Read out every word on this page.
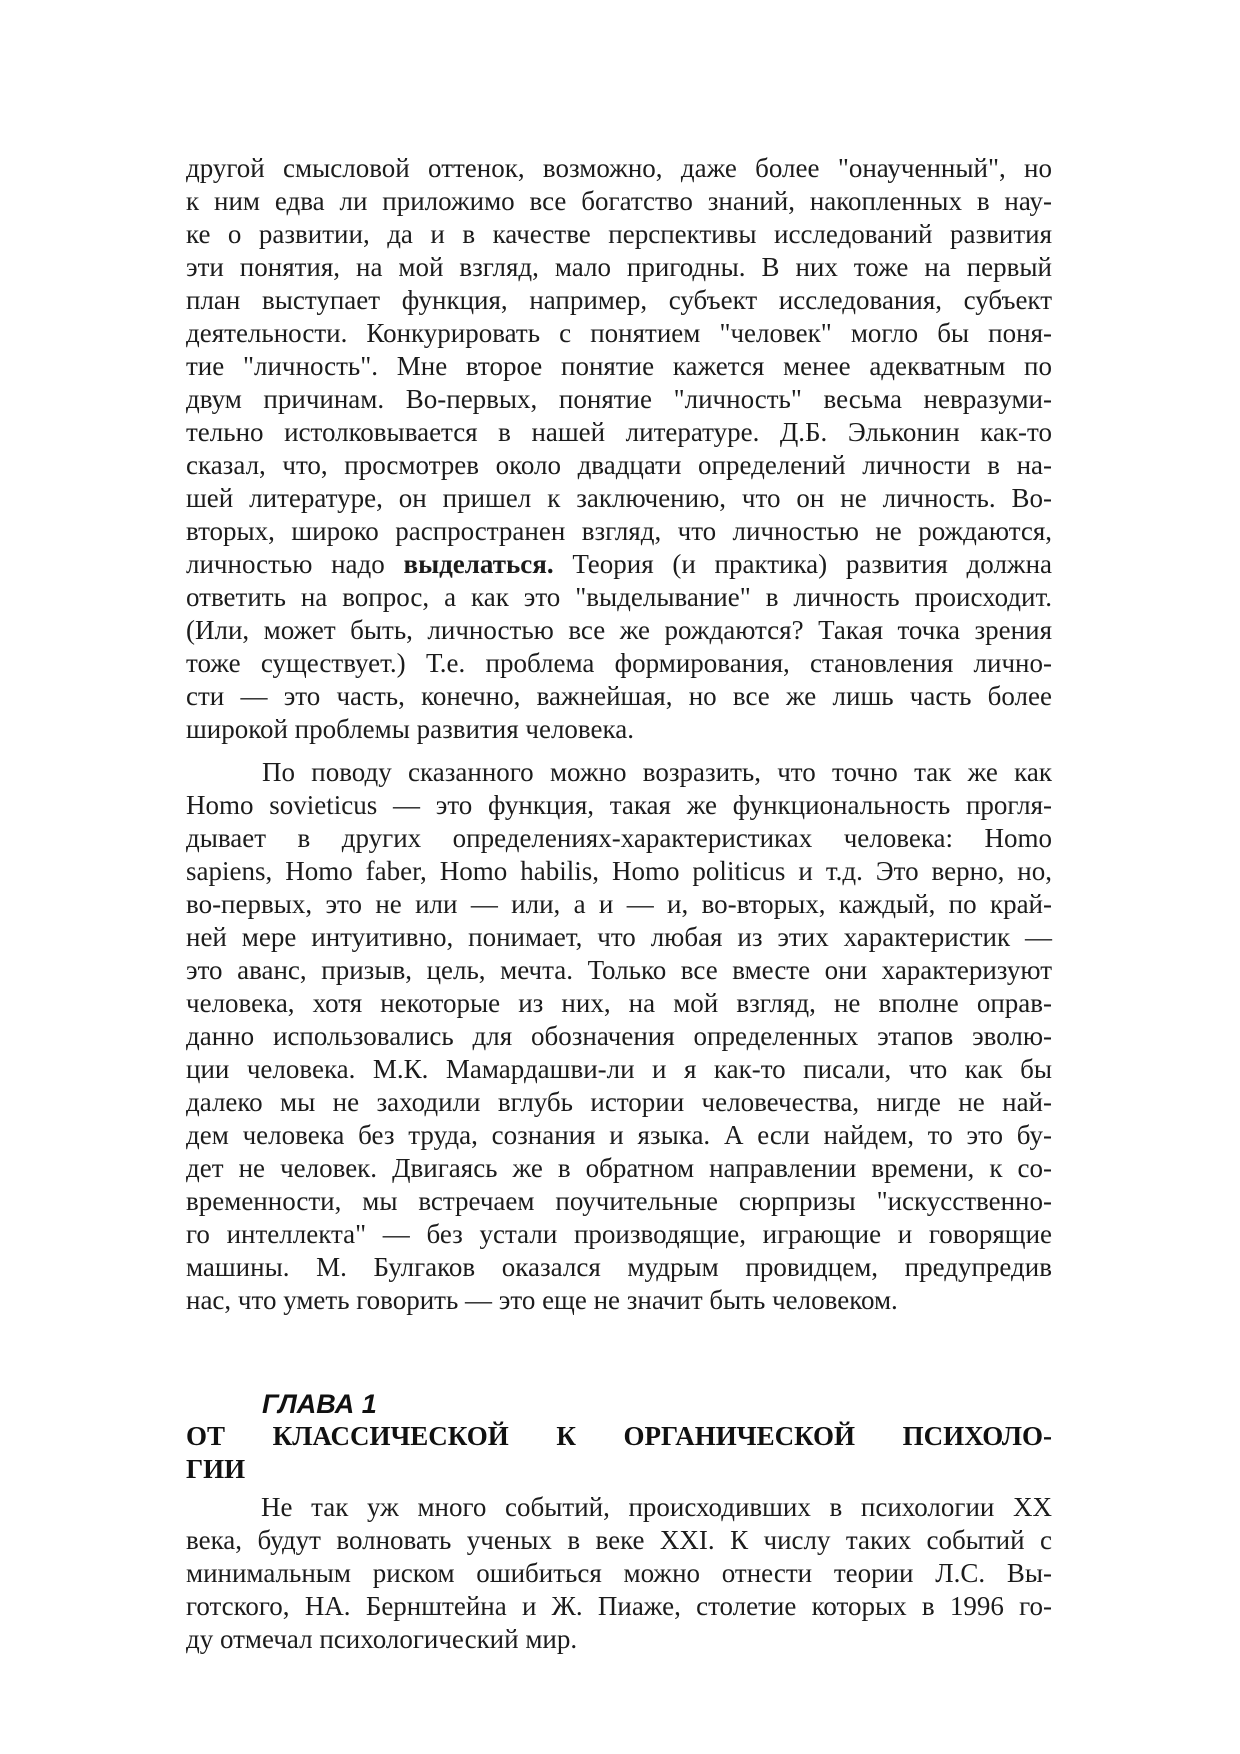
другой смысловой оттенок, возможно, даже более "онаученный", но
к ним едва ли приложимо все богатство знаний, накопленных в нау-
ке о развитии, да и в качестве перспективы исследований развития
эти понятия, на мой взгляд, мало пригодны. В них тоже на первый
план выступает функция, например, субъект исследования, субъект
деятельности. Конкурировать с понятием "человек" могло бы поня-
тие "личность". Мне второе понятие кажется менее адекватным по
двум причинам. Во-первых, понятие "личность" весьма невразуми-
тельно истолковывается в нашей литературе. Д.Б. Эльконин как-то
сказал, что, просмотрев около двадцати определений личности в на-
шей литературе, он пришел к заключению, что он не личность. Во-
вторых, широко распространен взгляд, что личностью не рождаются,
личностью надо выделаться. Теория (и практика) развития должна
ответить на вопрос, а как это "выделывание" в личность происходит.
(Или, может быть, личностью все же рождаются? Такая точка зрения
тоже существует.) Т.е. проблема формирования, становления лично-
сти — это часть, конечно, важнейшая, но все же лишь часть более
широкой проблемы развития человека.
По поводу сказанного можно возразить, что точно так же как
Homo sovieticus — это функция, такая же функциональность прогля-
дывает в других определениях-характеристиках человека: Homo
sapiens, Homo faber, Homo habilis, Homo politicus и т.д. Это верно, но,
во-первых, это не или — или, а и — и, во-вторых, каждый, по край-
ней мере интуитивно, понимает, что любая из этих характеристик —
это аванс, призыв, цель, мечта. Только все вместе они характеризуют
человека, хотя некоторые из них, на мой взгляд, не вполне оправ-
данно использовались для обозначения определенных этапов эволю-
ции человека. М.К. Мамардашви-ли и я как-то писали, что как бы
далеко мы не заходили вглубь истории человечества, нигде не най-
дем человека без труда, сознания и языка. А если найдем, то это бу-
дет не человек. Двигаясь же в обратном направлении времени, к со-
временности, мы встречаем поучительные сюрпризы "искусственно-
го интеллекта" — без устали производящие, играющие и говорящие
машины. М. Булгаков оказался мудрым провидцем, предупредив
нас, что уметь говорить — это еще не значит быть человеком.
ГЛАВА 1
ОТ КЛАССИЧЕСКОЙ К ОРГАНИЧЕСКОЙ ПСИХОЛО-
ГИИ
Не так уж много событий, происходивших в психологии XX
века, будут волновать ученых в веке XXI. К числу таких событий с
минимальным риском ошибиться можно отнести теории Л.С. Вы-
готского, НА. Бернштейна и Ж. Пиаже, столетие которых в 1996 го-
ду отмечал психологический мир.
